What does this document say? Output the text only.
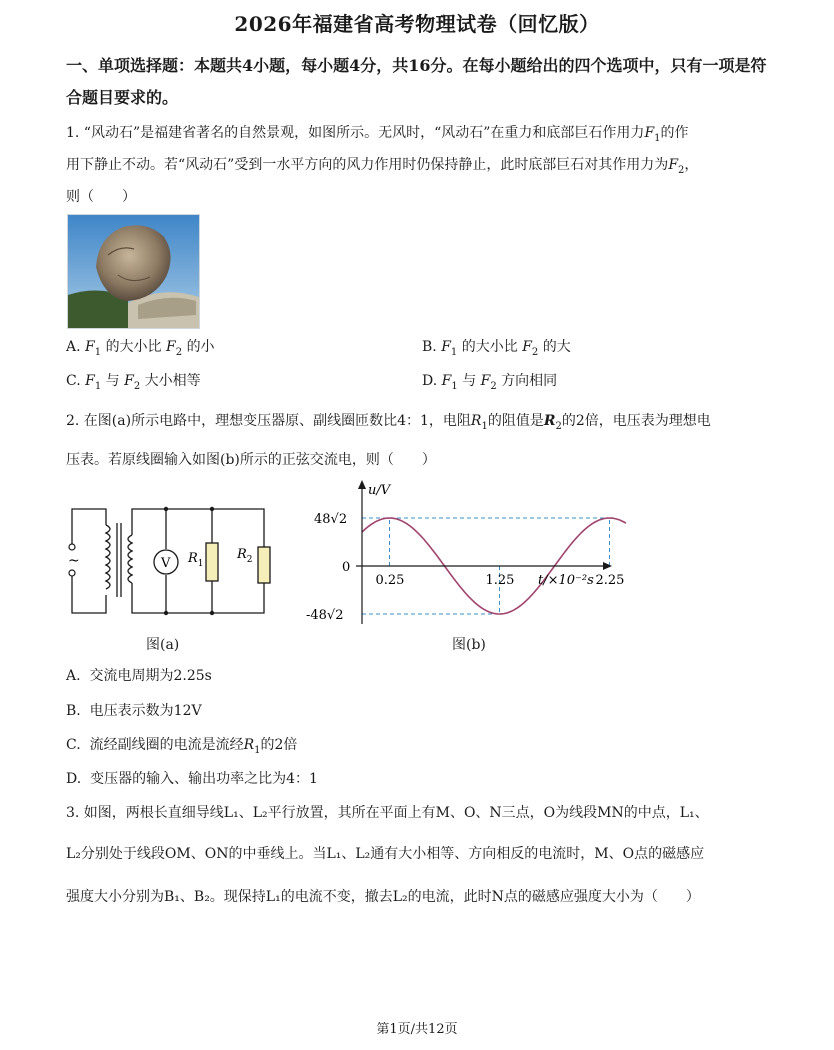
2026年福建省高考物理试卷（回忆版）
一、单项选择题：本题共4小题，每小题4分，共16分。在每小题给出的四个选项中，只有一项是符合题目要求的。
1. “风动石”是福建省著名的自然景观，如图所示。无风时，“风动石”在重力和底部巨石作用力$F_1$的作
用下静止不动。若“风动石”受到一水平方向的风力作用时仍保持静止，此时底部巨石对其作用力为$F_2$，
则（　　）
A. $F_1$ 的大小比 $F_2$ 的小	B. $F_1$ 的大小比 $F_2$ 的大
C. $F_1$ 与 $F_2$ 大小相等	D. $F_1$ 与 $F_2$ 方向相同
2. 在图(a)所示电路中，理想变压器原、副线圈匝数比4：1，电阻$R_1$的阻值是$R_2$的2倍，电压表为理想电
压表。若原线圈输入如图(b)所示的正弦交流电，则（　　）
~	V $R_1$
$R_2$
图(a)
u/V
t/×10⁻²s
0
48√2
-48√2
0.25	1.25	2.25
图(b)
A. 交流电周期为2.25s
B. 电压表示数为12V
C. 流经副线圈的电流是流经$R_1$的2倍
D. 变压器的输入、输出功率之比为4：1
3. 如图，两根长直细导线L₁、L₂平行放置，其所在平面上有M、O、N三点，O为线段MN的中点，L₁、
L₂分别处于线段OM、ON的中垂线上。当L₁、L₂通有大小相等、方向相反的电流时，M、O点的磁感应
强度大小分别为B₁、B₂。现保持L₁的电流不变，撤去L₂的电流，此时N点的磁感应强度大小为（　　）
第1页/共12页
